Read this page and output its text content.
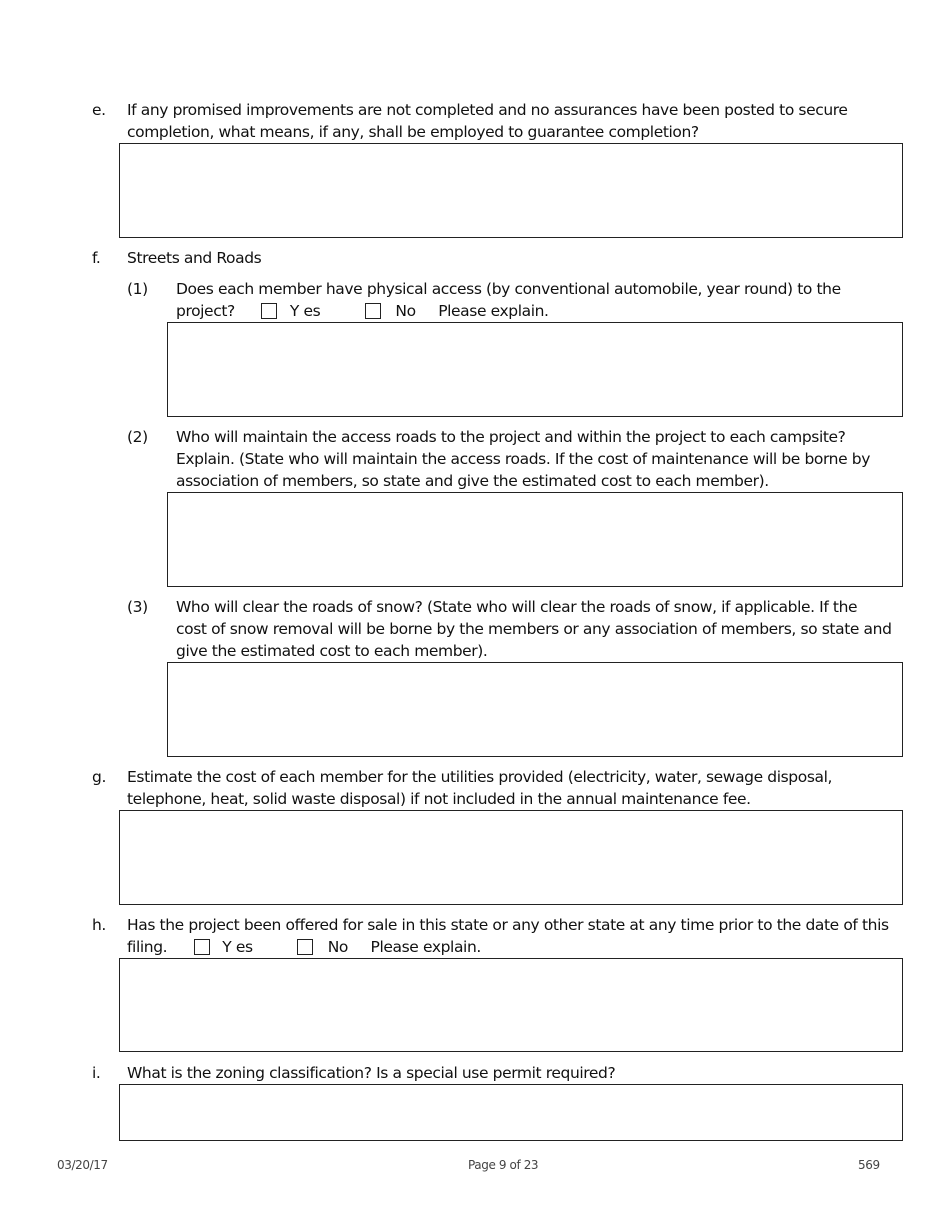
e. If any promised improvements are not completed and no assurances have been posted to secure
completion, what means, if any, shall be employed to guarantee completion?
f. Streets and Roads
(1) Does each member have physical access (by conventional automobile, year round) to the
project?	Y es	No Please explain.
(2) Who will maintain the access roads to the project and within the project to each campsite?
Explain. (State who will maintain the access roads. If the cost of maintenance will be borne by
association of members, so state and give the estimated cost to each member).
(3) Who will clear the roads of snow? (State who will clear the roads of snow, if applicable. If the
cost of snow removal will be borne by the members or any association of members, so state and
give the estimated cost to each member).
g. Estimate the cost of each member for the utilities provided (electricity, water, sewage disposal,
telephone, heat, solid waste disposal) if not included in the annual maintenance fee.
h. Has the project been offered for sale in this state or any other state at any time prior to the date of this
filing.	Y es	No Please explain.
i. What is the zoning classification? Is a special use permit required?
03/20/17	Page 9 of 23	569
